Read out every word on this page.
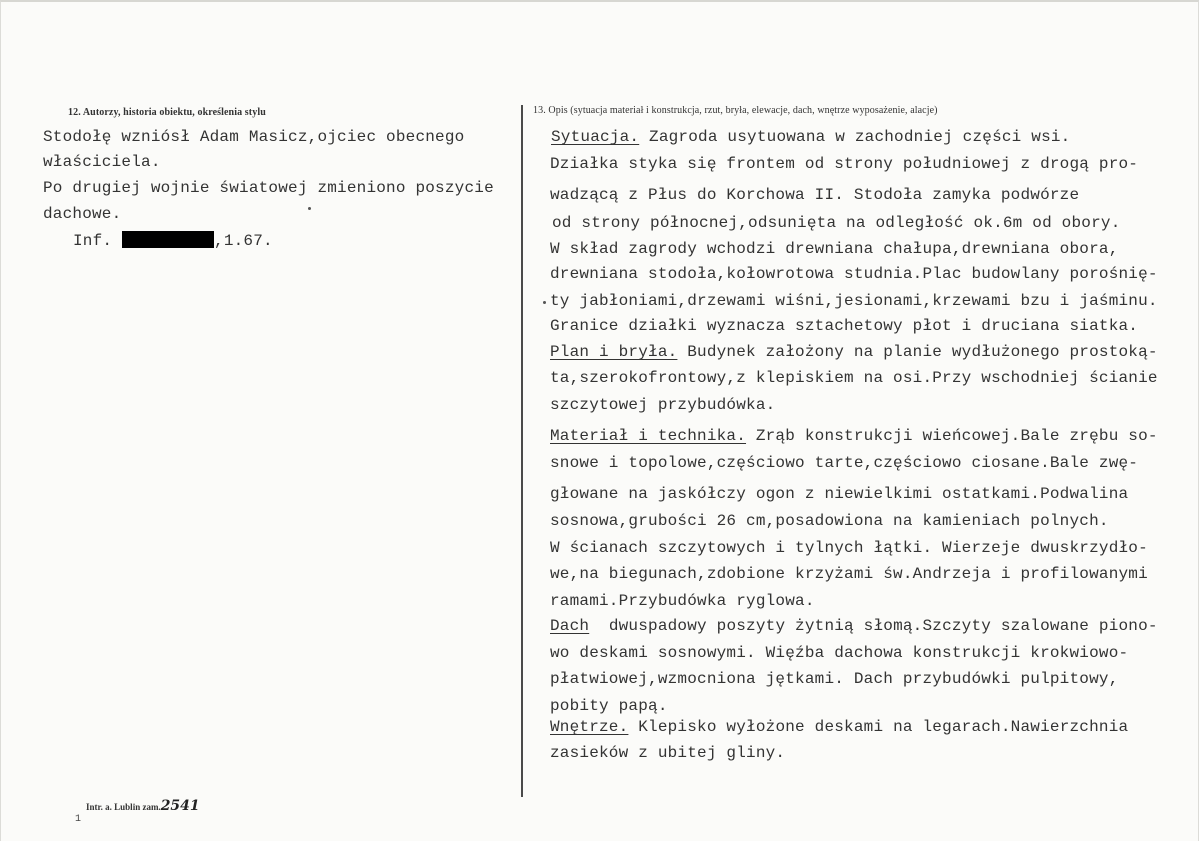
12. Autorzy, historia obiektu, określenia stylu	13. Opis (sytuacja materiał i konstrukcja, rzut, bryła, elewacje, dach, wnętrze wyposażenie, alacje)
Stodołę wzniósł Adam Masicz,ojciec obecnego
właściciela.
Po drugiej wojnie światowej zmieniono poszycie
dachowe.
Inf.	,1.67.
Sytuacja. Zagroda usytuowana w zachodniej części wsi.
Działka styka się frontem od strony południowej z drogą pro-
wadzącą z Płus do Korchowa II. Stodoła zamyka podwórze
od strony północnej,odsunięta na odległość ok.6m od obory.
W skład zagrody wchodzi drewniana chałupa,drewniana obora,
drewniana stodoła,kołowrotowa studnia.Plac budowlany porośnię-
ty jabłoniami,drzewami wiśni,jesionami,krzewami bzu i jaśminu.
Granice działki wyznacza sztachetowy płot i druciana siatka.
Plan i bryła. Budynek założony na planie wydłużonego prostoką-
ta,szerokofrontowy,z klepiskiem na osi.Przy wschodniej ścianie
szczytowej przybudówka.
Materiał i technika. Zrąb konstrukcji wieńcowej.Bale zrębu so-
snowe i topolowe,częściowo tarte,częściowo ciosane.Bale zwę-
głowane na jaskółczy ogon z niewielkimi ostatkami.Podwalina
sosnowa,grubości 26 cm,posadowiona na kamieniach polnych.
W ścianach szczytowych i tylnych łątki. Wierzeje dwuskrzydło-
we,na biegunach,zdobione krzyżami św.Andrzeja i profilowanymi
ramami.Przybudówka ryglowa.
Dach  dwuspadowy poszyty żytnią słomą.Szczyty szalowane piono-
wo deskami sosnowymi. Więźba dachowa konstrukcji krokwiowo-
płatwiowej,wzmocniona jętkami. Dach przybudówki pulpitowy,
pobity papą.
Wnętrze. Klepisko wyłożone deskami na legarach.Nawierzchnia
zasieków z ubitej gliny.
Intr. a. Lublin zam.2541
1
